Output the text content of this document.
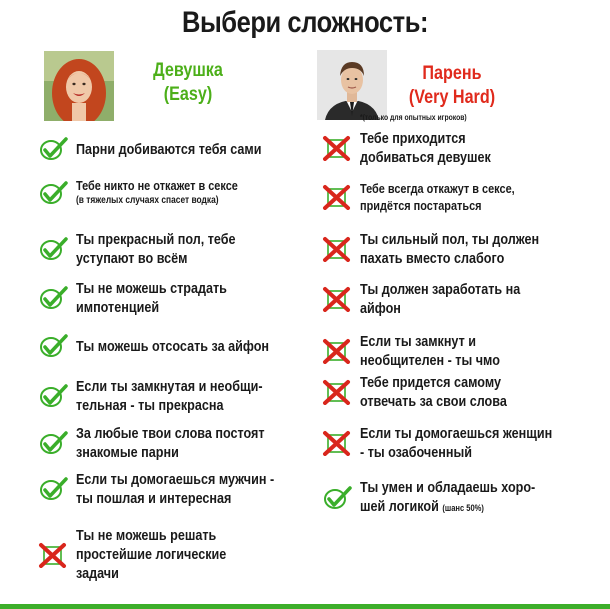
Выбери сложность:
Девушка
(Easy)
Парень
(Very Hard)
*(только для опытных игроков)
Парни добиваются тебя сами
Тебе никто не откажет в сексе
(в тяжелых случаях спасет водка)
Ты прекрасный пол, тебе
уступают во всём
Ты не можешь страдать
импотенцией
Ты можешь отсосать за айфон
Если ты замкнутая и необщи-
тельная - ты прекрасна
За любые твои слова постоят
знакомые парни
Если ты домогаешься мужчин -
ты пошлая и интересная
Ты не можешь решать
простейшие логические
задачи
Тебе приходится
добиваться девушек
Тебе всегда откажут в сексе,
придётся постараться
Ты сильный пол, ты должен
пахать вместо слабого
Ты должен заработать на
айфон
Если ты замкнут и
необщителен - ты чмо
Тебе придется самому
отвечать за свои слова
Если ты домогаешься женщин
- ты озабоченный
Ты умен и обладаешь хоро-
шей логикой (шанс 50%)
